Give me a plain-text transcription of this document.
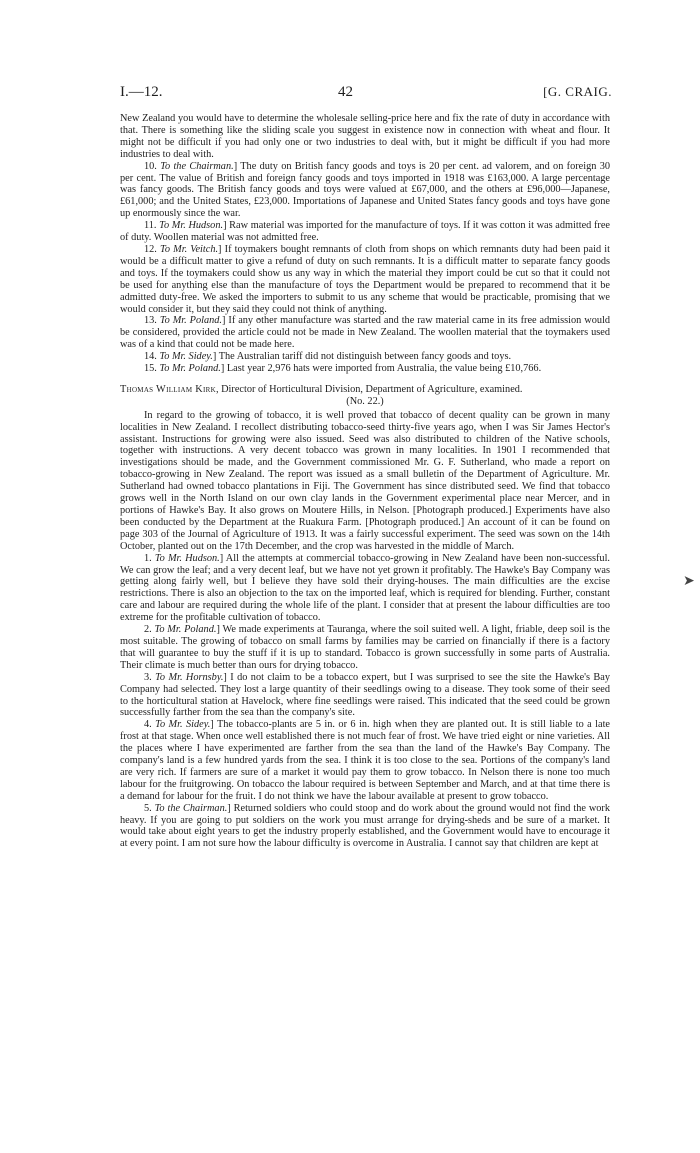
I.—12.	42	[G. CRAIG.

New Zealand you would have to determine the wholesale selling-price here and fix the rate of duty in accordance with that. There is something like the sliding scale you suggest in existence now in connection with wheat and flour. It might not be difficult if you had only one or two industries to deal with, but it might be difficult if you had more industries to deal with.

10. To the Chairman.] The duty on British fancy goods and toys is 20 per cent. ad valorem, and on foreign 30 per cent. The value of British and foreign fancy goods and toys imported in 1918 was £163,000. A large percentage was fancy goods. The British fancy goods and toys were valued at £67,000, and the others at £96,000—Japanese, £61,000; and the United States, £23,000. Importations of Japanese and United States fancy goods and toys have gone up enormously since the war.

11. To Mr. Hudson.] Raw material was imported for the manufacture of toys. If it was cotton it was admitted free of duty. Woollen material was not admitted free.

12. To Mr. Veitch.] If toymakers bought remnants of cloth from shops on which remnants duty had been paid it would be a difficult matter to give a refund of duty on such remnants. It is a difficult matter to separate fancy goods and toys. If the toymakers could show us any way in which the material they import could be cut so that it could not be used for anything else than the manufacture of toys the Department would be prepared to recommend that it be admitted duty-free. We asked the importers to submit to us any scheme that would be practicable, promising that we would consider it, but they said they could not think of anything.

13. To Mr. Poland.] If any other manufacture was started and the raw material came in its free admission would be considered, provided the article could not be made in New Zealand. The woollen material that the toymakers used was of a kind that could not be made here.

14. To Mr. Sidey.] The Australian tariff did not distinguish between fancy goods and toys.

15. To Mr. Poland.] Last year 2,976 hats were imported from Australia, the value being £10,766.

Thomas William Kirk, Director of Horticultural Division, Department of Agriculture, examined.

(No. 22.)

In regard to the growing of tobacco, it is well proved that tobacco of decent quality can be grown in many localities in New Zealand. I recollect distributing tobacco-seed thirty-five years ago, when I was Sir James Hector's assistant. Instructions for growing were also issued. Seed was also distributed to children of the Native schools, together with instructions. A very decent tobacco was grown in many localities. In 1901 I recommended that investigations should be made, and the Government commissioned Mr. G. F. Sutherland, who made a report on tobacco-growing in New Zealand. The report was issued as a small bulletin of the Department of Agriculture. Mr. Sutherland had owned tobacco plantations in Fiji. The Government has since distributed seed. We find that tobacco grows well in the North Island on our own clay lands in the Government experimental place near Mercer, and in portions of Hawke's Bay. It also grows on Moutere Hills, in Nelson. [Photograph produced.] Experiments have also been conducted by the Department at the Ruakura Farm. [Photograph produced.] An account of it can be found on page 303 of the Journal of Agriculture of 1913. It was a fairly successful experiment. The seed was sown on the 14th October, planted out on the 17th December, and the crop was harvested in the middle of March.

1. To Mr. Hudson.] All the attempts at commercial tobacco-growing in New Zealand have been non-successful. We can grow the leaf; and a very decent leaf, but we have not yet grown it profitably. The Hawke's Bay Company was getting along fairly well, but I believe they have sold their drying-houses. The main difficulties are the excise restrictions. There is also an objection to the tax on the imported leaf, which is required for blending. Further, constant care and labour are required during the whole life of the plant. I consider that at present the labour difficulties are too extreme for the profitable cultivation of tobacco.

2. To Mr. Poland.] We made experiments at Tauranga, where the soil suited well. A light, friable, deep soil is the most suitable. The growing of tobacco on small farms by families may be carried on financially if there is a factory that will guarantee to buy the stuff if it is up to standard. Tobacco is grown successfully in some parts of Australia. Their climate is much better than ours for drying tobacco.

3. To Mr. Hornsby.] I do not claim to be a tobacco expert, but I was surprised to see the site the Hawke's Bay Company had selected. They lost a large quantity of their seedlings owing to a disease. They took some of their seed to the horticultural station at Havelock, where fine seedlings were raised. This indicated that the seed could be grown successfully farther from the sea than the company's site.

4. To Mr. Sidey.] The tobacco-plants are 5 in. or 6 in. high when they are planted out. It is still liable to a late frost at that stage. When once well established there is not much fear of frost. We have tried eight or nine varieties. All the places where I have experimented are farther from the sea than the land of the Hawke's Bay Company. The company's land is a few hundred yards from the sea. I think it is too close to the sea. Portions of the company's land are very rich. If farmers are sure of a market it would pay them to grow tobacco. In Nelson there is none too much labour for the fruitgrowing. On tobacco the labour required is between September and March, and at that time there is a demand for labour for the fruit. I do not think we have the labour available at present to grow tobacco.

5. To the Chairman.] Returned soldiers who could stoop and do work about the ground would not find the work heavy. If you are going to put soldiers on the work you must arrange for drying-sheds and be sure of a market. It would take about eight years to get the industry properly established, and the Government would have to encourage it at every point. I am not sure how the labour difficulty is overcome in Australia. I cannot say that children are kept at

➤
